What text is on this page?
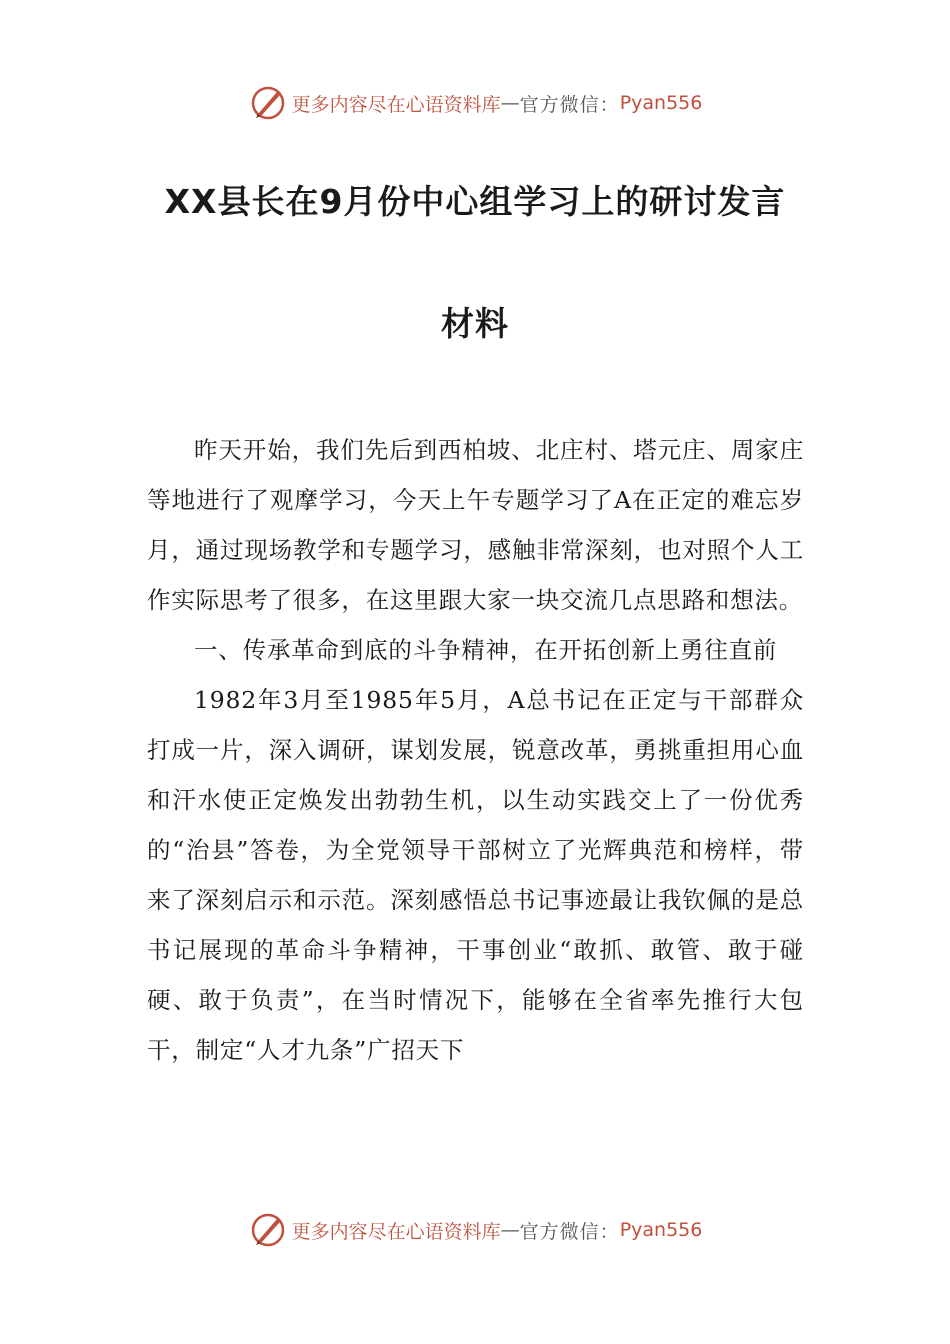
更多内容尽在心语资料库 — 官方微信： Pyan556
XX县长在9月份中心组学习上的研讨发言
材料

昨天开始，我们先后到西柏坡、北庄村、塔元庄、周家庄等地进行了观摩学习，今天上午专题学习了A在正定的难忘岁月，通过现场教学和专题学习，感触非常深刻，也对照个人工作实际思考了很多，在这里跟大家一块交流几点思路和想法。

一、传承革命到底的斗争精神，在开拓创新上勇往直前

1982年3月至1985年5月，A总书记在正定与干部群众打成一片，深入调研，谋划发展，锐意改革，勇挑重担用心血和汗水使正定焕发出勃勃生机，以生动实践交上了一份优秀的“治县”答卷，为全党领导干部树立了光辉典范和榜样，带来了深刻启示和示范。深刻感悟总书记事迹最让我钦佩的是总书记展现的革命斗争精神，干事创业“敢抓、敢管、敢于碰硬、敢于负责”，在当时情况下，能够在全省率先推行大包干，制定“人才九条”广招天下

更多内容尽在心语资料库 — 官方微信： Pyan556
